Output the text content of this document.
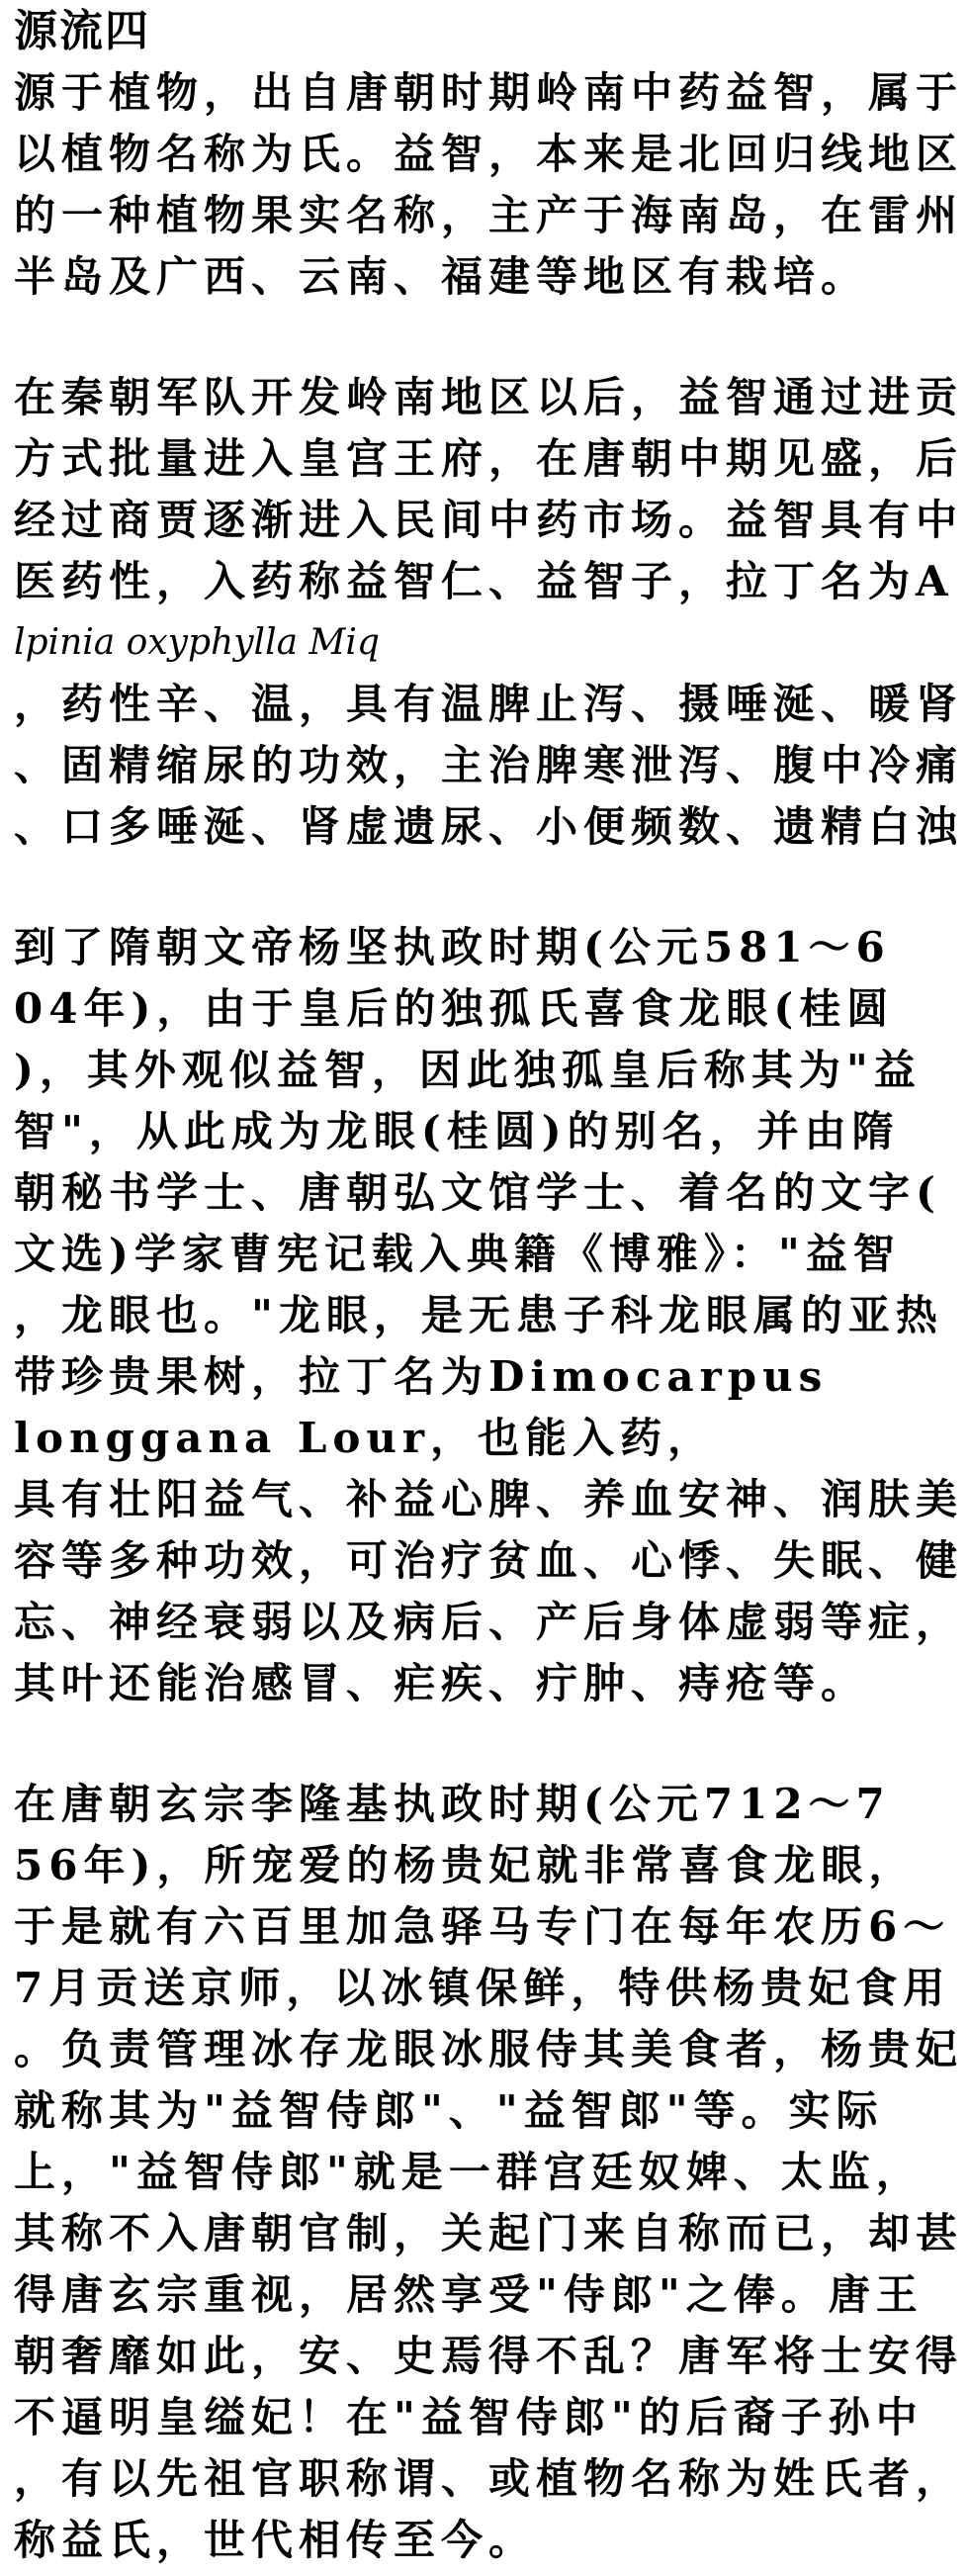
源流四

源于植物，出自唐朝时期岭南中药益智，属于

以植物名称为氏。益智，本来是北回归线地区

的一种植物果实名称，主产于海南岛，在雷州

半岛及广西、云南、福建等地区有栽培。

在秦朝军队开发岭南地区以后，益智通过进贡

方式批量进入皇宫王府，在唐朝中期见盛，后

经过商贾逐渐进入民间中药市场。益智具有中

医药性，入药称益智仁、益智子，拉丁名为A

lpinia oxyphylla Miq

，药性辛、温，具有温脾止泻、摄唾涎、暖肾

、固精缩尿的功效，主治脾寒泄泻、腹中冷痛

、口多唾涎、肾虚遗尿、小便频数、遗精白浊

到了隋朝文帝杨坚执政时期(公元581～6

04年)，由于皇后的独孤氏喜食龙眼(桂圆

)，其外观似益智，因此独孤皇后称其为"益

智"，从此成为龙眼(桂圆)的别名，并由隋

朝秘书学士、唐朝弘文馆学士、着名的文字(

文选)学家曹宪记载入典籍《博雅》："益智

，龙眼也。"龙眼，是无患子科龙眼属的亚热

带珍贵果树，拉丁名为Dimocarpus

longgana Lour，也能入药，

具有壮阳益气、补益心脾、养血安神、润肤美

容等多种功效，可治疗贫血、心悸、失眠、健

忘、神经衰弱以及病后、产后身体虚弱等症，

其叶还能治感冒、疟疾、疔肿、痔疮等。

在唐朝玄宗李隆基执政时期(公元712～7

56年)，所宠爱的杨贵妃就非常喜食龙眼，

于是就有六百里加急驿马专门在每年农历6～

7月贡送京师，以冰镇保鲜，特供杨贵妃食用

。负责管理冰存龙眼冰服侍其美食者，杨贵妃

就称其为"益智侍郎"、"益智郎"等。实际

上，"益智侍郎"就是一群宫廷奴婢、太监，

其称不入唐朝官制，关起门来自称而已，却甚

得唐玄宗重视，居然享受"侍郎"之俸。唐王

朝奢靡如此，安、史焉得不乱？唐军将士安得

不逼明皇缢妃！在"益智侍郎"的后裔子孙中

，有以先祖官职称谓、或植物名称为姓氏者，

称益氏，世代相传至今。
